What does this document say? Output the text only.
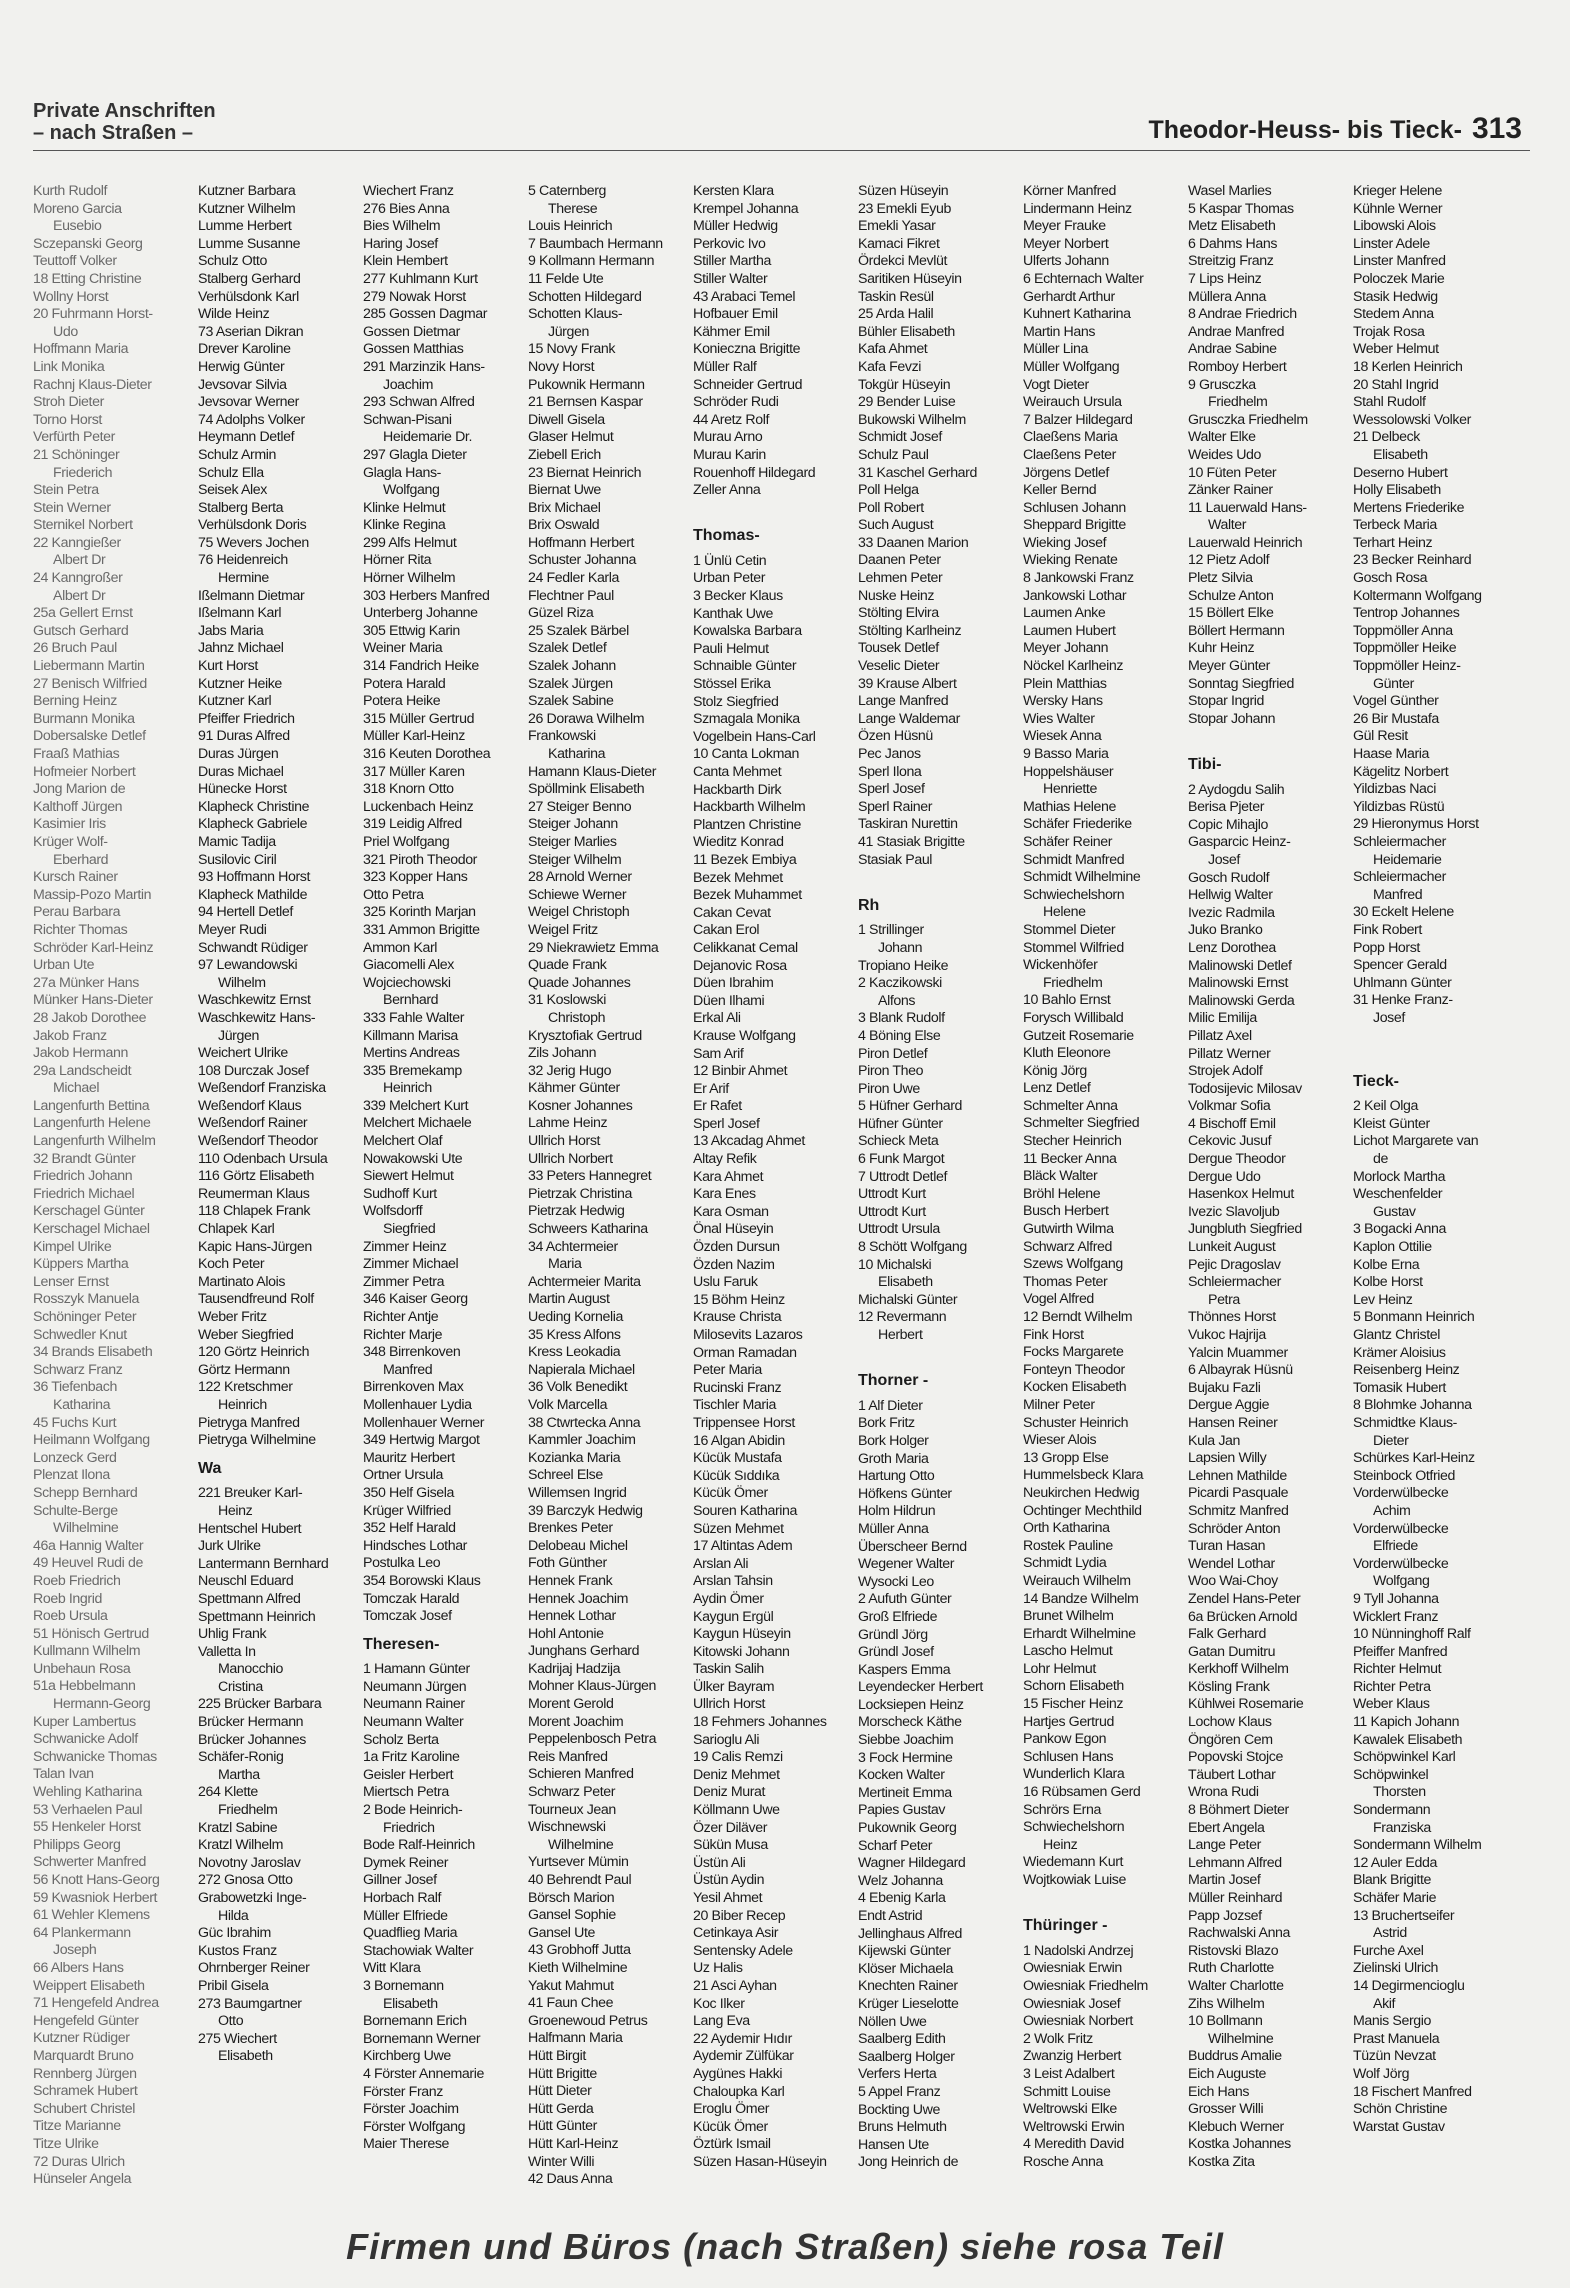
Private Anschriften
– nach Straßen –	Theodor-Heuss- bis Tieck- 313
Kurth Rudolf
Moreno Garcia
Eusebio
Sczepanski Georg
Teuttoff Volker
18 Etting Christine
Wollny Horst
20 Fuhrmann Horst-
Udo
Hoffmann Maria
Link Monika
Rachnj Klaus-Dieter
Stroh Dieter
Torno Horst
Verfürth Peter
21 Schöninger
Friederich
Stein Petra
Stein Werner
Sternikel Norbert
22 Kanngießer
Albert Dr
24 Kanngroßer
Albert Dr
25a Gellert Ernst
Gutsch Gerhard
26 Bruch Paul
Liebermann Martin
27 Benisch Wilfried
Berning Heinz
Burmann Monika
Dobersalske Detlef
Fraaß Mathias
Hofmeier Norbert
Jong Marion de
Kalthoff Jürgen
Kasimier Iris
Krüger Wolf-
Eberhard
Kursch Rainer
Massip-Pozo Martin
Perau Barbara
Richter Thomas
Schröder Karl-Heinz
Urban Ute
27a Münker Hans
Münker Hans-Dieter
28 Jakob Dorothee
Jakob Franz
Jakob Hermann
29a Landscheidt
Michael
Langenfurth Bettina
Langenfurth Helene
Langenfurth Wilhelm
32 Brandt Günter
Friedrich Johann
Friedrich Michael
Kerschagel Günter
Kerschagel Michael
Kimpel Ulrike
Küppers Martha
Lenser Ernst
Rosszyk Manuela
Schöninger Peter
Schwedler Knut
34 Brands Elisabeth
Schwarz Franz
36 Tiefenbach
Katharina
45 Fuchs Kurt
Heilmann Wolfgang
Lonzeck Gerd
Plenzat Ilona
Schepp Bernhard
Schulte-Berge
Wilhelmine
46a Hannig Walter
49 Heuvel Rudi de
Roeb Friedrich
Roeb Ingrid
Roeb Ursula
51 Hönisch Gertrud
Kullmann Wilhelm
Unbehaun Rosa
51a Hebbelmann
Hermann-Georg
Kuper Lambertus
Schwanicke Adolf
Schwanicke Thomas
Talan Ivan
Wehling Katharina
53 Verhaelen Paul
55 Henkeler Horst
Philipps Georg
Schwerter Manfred
56 Knott Hans-Georg
59 Kwasniok Herbert
61 Wehler Klemens
64 Plankermann
Joseph
66 Albers Hans
Weippert Elisabeth
71 Hengefeld Andrea
Hengefeld Günter
Kutzner Rüdiger
Marquardt Bruno
Rennberg Jürgen
Schramek Hubert
Schubert Christel
Titze Marianne
Titze Ulrike
72 Duras Ulrich
Hünseler Angela
Kutzner Barbara
Kutzner Wilhelm
Lumme Herbert
Lumme Susanne
Schulz Otto
Stalberg Gerhard
Verhülsdonk Karl
Wilde Heinz
73 Aserian Dikran
Drever Karoline
Herwig Günter
Jevsovar Silvia
Jevsovar Werner
74 Adolphs Volker
Heymann Detlef
Schulz Armin
Schulz Ella
Seisek Alex
Stalberg Berta
Verhülsdonk Doris
75 Wevers Jochen
76 Heidenreich
Hermine
Ißelmann Dietmar
Ißelmann Karl
Jabs Maria
Jahnz Michael
Kurt Horst
Kutzner Heike
Kutzner Karl
Pfeiffer Friedrich
91 Duras Alfred
Duras Jürgen
Duras Michael
Hünecke Horst
Klapheck Christine
Klapheck Gabriele
Mamic Tadija
Susilovic Ciril
93 Hoffmann Horst
Klapheck Mathilde
94 Hertell Detlef
Meyer Rudi
Schwandt Rüdiger
97 Lewandowski
Wilhelm
Waschkewitz Ernst
Waschkewitz Hans-
Jürgen
Weichert Ulrike
108 Durczak Josef
Weßendorf Franziska
Weßendorf Klaus
Weßendorf Rainer
Weßendorf Theodor
110 Odenbach Ursula
116 Görtz Elisabeth
Reumerman Klaus
118 Chlapek Frank
Chlapek Karl
Kapic Hans-Jürgen
Koch Peter
Martinato Alois
Tausendfreund Rolf
Weber Fritz
Weber Siegfried
120 Görtz Heinrich
Görtz Hermann
122 Kretschmer
Heinrich
Pietryga Manfred
Pietryga Wilhelmine
Wa
221 Breuker Karl-
Heinz
Hentschel Hubert
Jurk Ulrike
Lantermann Bernhard
Neuschl Eduard
Spettmann Alfred
Spettmann Heinrich
Uhlig Frank
Valletta In
Manocchio
Cristina
225 Brücker Barbara
Brücker Hermann
Brücker Johannes
Schäfer-Ronig
Martha
264 Klette
Friedhelm
Kratzl Sabine
Kratzl Wilhelm
Novotny Jaroslav
272 Gnosa Otto
Grabowetzki Inge-
Hilda
Güc Ibrahim
Kustos Franz
Ohrnberger Reiner
Pribil Gisela
273 Baumgartner
Otto
275 Wiechert
Elisabeth
Wiechert Franz
276 Bies Anna
Bies Wilhelm
Haring Josef
Klein Hembert
277 Kuhlmann Kurt
279 Nowak Horst
285 Gossen Dagmar
Gossen Dietmar
Gossen Matthias
291 Marzinzik Hans-
Joachim
293 Schwan Alfred
Schwan-Pisani
Heidemarie Dr.
297 Glagla Dieter
Glagla Hans-
Wolfgang
Klinke Helmut
Klinke Regina
299 Alfs Helmut
Hörner Rita
Hörner Wilhelm
303 Herbers Manfred
Unterberg Johanne
305 Ettwig Karin
Weiner Maria
314 Fandrich Heike
Potera Harald
Potera Heike
315 Müller Gertrud
Müller Karl-Heinz
316 Keuten Dorothea
317 Müller Karen
318 Knorn Otto
Luckenbach Heinz
319 Leidig Alfred
Priel Wolfgang
321 Piroth Theodor
323 Kopper Hans
Otto Petra
325 Korinth Marjan
331 Ammon Brigitte
Ammon Karl
Giacomelli Alex
Wojciechowski
Bernhard
333 Fahle Walter
Killmann Marisa
Mertins Andreas
335 Bremekamp
Heinrich
339 Melchert Kurt
Melchert Michaele
Melchert Olaf
Nowakowski Ute
Siewert Helmut
Sudhoff Kurt
Wolfsdorff
Siegfried
Zimmer Heinz
Zimmer Michael
Zimmer Petra
346 Kaiser Georg
Richter Antje
Richter Marje
348 Birrenkoven
Manfred
Birrenkoven Max
Mollenhauer Lydia
Mollenhauer Werner
349 Hertwig Margot
Mauritz Herbert
Ortner Ursula
350 Helf Gisela
Krüger Wilfried
352 Helf Harald
Hindsches Lothar
Postulka Leo
354 Borowski Klaus
Tomczak Harald
Tomczak Josef
Theresen-
1 Hamann Günter
Neumann Jürgen
Neumann Rainer
Neumann Walter
Scholz Berta
1a Fritz Karoline
Geisler Herbert
Miertsch Petra
2 Bode Heinrich-
Friedrich
Bode Ralf-Heinrich
Dymek Reiner
Gillner Josef
Horbach Ralf
Müller Elfriede
Quadflieg Maria
Stachowiak Walter
Witt Klara
3 Bornemann
Elisabeth
Bornemann Erich
Bornemann Werner
Kirchberg Uwe
4 Förster Annemarie
Förster Franz
Förster Joachim
Förster Wolfgang
Maier Therese
5 Caternberg
Therese
Louis Heinrich
7 Baumbach Hermann
9 Kollmann Hermann
11 Felde Ute
Schotten Hildegard
Schotten Klaus-
Jürgen
15 Novy Frank
Novy Horst
Pukownik Hermann
21 Bernsen Kaspar
Diwell Gisela
Glaser Helmut
Ziebell Erich
23 Biernat Heinrich
Biernat Uwe
Brix Michael
Brix Oswald
Hoffmann Herbert
Schuster Johanna
24 Fedler Karla
Flechtner Paul
Güzel Riza
25 Szalek Bärbel
Szalek Detlef
Szalek Johann
Szalek Jürgen
Szalek Sabine
26 Dorawa Wilhelm
Frankowski
Katharina
Hamann Klaus-Dieter
Spöllmink Elisabeth
27 Steiger Benno
Steiger Johann
Steiger Marlies
Steiger Wilhelm
28 Arnold Werner
Schiewe Werner
Weigel Christoph
Weigel Fritz
29 Niekrawietz Emma
Quade Frank
Quade Johannes
31 Koslowski
Christoph
Krysztofiak Gertrud
Zils Johann
32 Jerig Hugo
Kähmer Günter
Kosner Johannes
Lahme Heinz
Ullrich Horst
Ullrich Norbert
33 Peters Hannegret
Pietrzak Christina
Pietrzak Hedwig
Schweers Katharina
34 Achtermeier
Maria
Achtermeier Marita
Martin August
Ueding Kornelia
35 Kress Alfons
Kress Leokadia
Napierala Michael
36 Volk Benedikt
Volk Marcella
38 Ctwrtecka Anna
Kammler Joachim
Kozianka Maria
Schreel Else
Willemsen Ingrid
39 Barczyk Hedwig
Brenkes Peter
Delobeau Michel
Foth Günther
Hennek Frank
Hennek Joachim
Hennek Lothar
Hohl Antonie
Junghans Gerhard
Kadrijaj Hadzija
Mohner Klaus-Jürgen
Morent Gerold
Morent Joachim
Peppelenbosch Petra
Reis Manfred
Schieren Manfred
Schwarz Peter
Tourneux Jean
Wischnewski
Wilhelmine
Yurtsever Mümin
40 Behrendt Paul
Börsch Marion
Gansel Sophie
Gansel Ute
43 Grobhoff Jutta
Kieth Wilhelmine
Yakut Mahmut
41 Faun Chee
Groenewoud Petrus
Halfmann Maria
Hütt Birgit
Hütt Brigitte
Hütt Dieter
Hütt Gerda
Hütt Günter
Hütt Karl-Heinz
Winter Willi
42 Daus Anna
Kersten Klara
Krempel Johanna
Müller Hedwig
Perkovic Ivo
Stiller Martha
Stiller Walter
43 Arabaci Temel
Hofbauer Emil
Kähmer Emil
Konieczna Brigitte
Müller Ralf
Schneider Gertrud
Schröder Rudi
44 Aretz Rolf
Murau Arno
Murau Karin
Rouenhoff Hildegard
Zeller Anna

Thomas-
1 Ünlü Cetin
Urban Peter
3 Becker Klaus
Kanthak Uwe
Kowalska Barbara
Pauli Helmut
Schnaible Günter
Stössel Erika
Stolz Siegfried
Szmagala Monika
Vogelbein Hans-Carl
10 Canta Lokman
Canta Mehmet
Hackbarth Dirk
Hackbarth Wilhelm
Plantzen Christine
Wieditz Konrad
11 Bezek Embiya
Bezek Mehmet
Bezek Muhammet
Cakan Cevat
Cakan Erol
Celikkanat Cemal
Dejanovic Rosa
Düen Ibrahim
Düen Ilhami
Erkal Ali
Krause Wolfgang
Sam Arif
12 Binbir Ahmet
Er Arif
Er Rafet
Sperl Josef
13 Akcadag Ahmet
Altay Refik
Kara Ahmet
Kara Enes
Kara Osman
Önal Hüseyin
Özden Dursun
Özden Nazim
Uslu Faruk
15 Böhm Heinz
Krause Christa
Milosevits Lazaros
Orman Ramadan
Peter Maria
Rucinski Franz
Tischler Maria
Trippensee Horst
16 Algan Abidin
Kücük Mustafa
Kücük Sıddıka
Kücük Ömer
Souren Katharina
Süzen Mehmet
17 Altintas Adem
Arslan Ali
Arslan Tahsin
Aydin Ömer
Kaygun Ergül
Kaygun Hüseyin
Kitowski Johann
Taskin Salih
Ülker Bayram
Ullrich Horst
18 Fehmers Johannes
Sarioglu Ali
19 Calis Remzi
Deniz Mehmet
Deniz Murat
Köllmann Uwe
Özer Diläver
Sükün Musa
Üstün Ali
Üstün Aydin
Yesil Ahmet
20 Biber Recep
Cetinkaya Asir
Sentensky Adele
Uz Halis
21 Asci Ayhan
Koc Ilker
Lang Eva
22 Aydemir Hıdır
Aydemir Zülfükar
Aygünes Hakki
Chaloupka Karl
Eroglu Ömer
Kücük Ömer
Öztürk Ismail
Süzen Hasan-Hüseyin
Süzen Hüseyin
23 Emekli Eyub
Emekli Yasar
Kamaci Fikret
Ördekci Mevlüt
Saritiken Hüseyin
Taskin Resül
25 Arda Halil
Bühler Elisabeth
Kafa Ahmet
Kafa Fevzi
Tokgür Hüseyin
29 Bender Luise
Bukowski Wilhelm
Schmidt Josef
Schulz Paul
31 Kaschel Gerhard
Poll Helga
Poll Robert
Such August
33 Daanen Marion
Daanen Peter
Lehmen Peter
Nuske Heinz
Stölting Elvira
Stölting Karlheinz
Tousek Detlef
Veselic Dieter
39 Krause Albert
Lange Manfred
Lange Waldemar
Özen Hüsnü
Pec Janos
Sperl Ilona
Sperl Josef
Sperl Rainer
Taskiran Nurettin
41 Stasiak Brigitte
Stasiak Paul

Rh
1 Strillinger
Johann
Tropiano Heike
2 Kaczikowski
Alfons
3 Blank Rudolf
4 Böning Else
Piron Detlef
Piron Theo
Piron Uwe
5 Hüfner Gerhard
Hüfner Günter
Schieck Meta
6 Funk Margot
7 Uttrodt Detlef
Uttrodt Kurt
Uttrodt Kurt
Uttrodt Ursula
8 Schött Wolfgang
10 Michalski
Elisabeth
Michalski Günter
12 Revermann
Herbert

Thorner -
1 Alf Dieter
Bork Fritz
Bork Holger
Groth Maria
Hartung Otto
Höfkens Günter
Holm Hildrun
Müller Anna
Überscheer Bernd
Wegener Walter
Wysocki Leo
2 Aufuth Günter
Groß Elfriede
Gründl Jörg
Gründl Josef
Kaspers Emma
Leyendecker Herbert
Locksiepen Heinz
Morscheck Käthe
Siebbe Joachim
3 Fock Hermine
Kocken Walter
Mertineit Emma
Papies Gustav
Pukownik Georg
Scharf Peter
Wagner Hildegard
Welz Johanna
4 Ebenig Karla
Endt Astrid
Jellinghaus Alfred
Kijewski Günter
Klöser Michaela
Knechten Rainer
Krüger Lieselotte
Nöllen Uwe
Saalberg Edith
Saalberg Holger
Verfers Herta
5 Appel Franz
Bockting Uwe
Bruns Helmuth
Hansen Ute
Jong Heinrich de
Körner Manfred
Lindermann Heinz
Meyer Frauke
Meyer Norbert
Ulferts Johann
6 Echternach Walter
Gerhardt Arthur
Kuhnert Katharina
Martin Hans
Müller Lina
Müller Wolfgang
Vogt Dieter
Weirauch Ursula
7 Balzer Hildegard
Claeßens Maria
Claeßens Peter
Jörgens Detlef
Keller Bernd
Schlusen Johann
Sheppard Brigitte
Wieking Josef
Wieking Renate
8 Jankowski Franz
Jankowski Lothar
Laumen Anke
Laumen Hubert
Meyer Johann
Nöckel Karlheinz
Plein Matthias
Wersky Hans
Wies Walter
Wiesek Anna
9 Basso Maria
Hoppelshäuser
Henriette
Mathias Helene
Schäfer Friederike
Schäfer Reiner
Schmidt Manfred
Schmidt Wilhelmine
Schwiechelshorn
Helene
Stommel Dieter
Stommel Wilfried
Wickenhöfer
Friedhelm
10 Bahlo Ernst
Forysch Willibald
Gutzeit Rosemarie
Kluth Eleonore
König Jörg
Lenz Detlef
Schmelter Anna
Schmelter Siegfried
Stecher Heinrich
11 Becker Anna
Bläck Walter
Bröhl Helene
Busch Herbert
Gutwirth Wilma
Schwarz Alfred
Szews Wolfgang
Thomas Peter
Vogel Alfred
12 Berndt Wilhelm
Fink Horst
Focks Margarete
Fonteyn Theodor
Kocken Elisabeth
Milner Peter
Schuster Heinrich
Wieser Alois
13 Gropp Else
Hummelsbeck Klara
Neukirchen Hedwig
Ochtinger Mechthild
Orth Katharina
Rostek Pauline
Schmidt Lydia
Weirauch Wilhelm
14 Bandze Wilhelm
Brunet Wilhelm
Erhardt Wilhelmine
Lascho Helmut
Lohr Helmut
Schorn Elisabeth
15 Fischer Heinz
Hartjes Gertrud
Pankow Egon
Schlusen Hans
Wunderlich Klara
16 Rübsamen Gerd
Schrörs Erna
Schwiechelshorn
Heinz
Wiedemann Kurt
Wojtkowiak Luise

Thüringer -
1 Nadolski Andrzej
Owiesniak Erwin
Owiesniak Friedhelm
Owiesniak Josef
Owiesniak Norbert
2 Wolk Fritz
Zwanzig Herbert
3 Leist Adalbert
Schmitt Louise
Weltrowski Elke
Weltrowski Erwin
4 Meredith David
Rosche Anna
Wasel Marlies
5 Kaspar Thomas
Metz Elisabeth
6 Dahms Hans
Streitzig Franz
7 Lips Heinz
Müllera Anna
8 Andrae Friedrich
Andrae Manfred
Andrae Sabine
Romboy Herbert
9 Grusczka
Friedhelm
Grusczka Friedhelm
Walter Elke
Weides Udo
10 Füten Peter
Zänker Rainer
11 Lauerwald Hans-
Walter
Lauerwald Heinrich
12 Pietz Adolf
Pletz Silvia
Schulze Anton
15 Böllert Elke
Böllert Hermann
Kuhr Heinz
Meyer Günter
Sonntag Siegfried
Stopar Ingrid
Stopar Johann

Tibi-
2 Aydogdu Salih
Berisa Pjeter
Copic Mihajlo
Gasparcic Heinz-
Josef
Gosch Rudolf
Hellwig Walter
Ivezic Radmila
Juko Branko
Lenz Dorothea
Malinowski Detlef
Malinowski Ernst
Malinowski Gerda
Milic Emilija
Pillatz Axel
Pillatz Werner
Strojek Adolf
Todosijevic Milosav
Volkmar Sofia
4 Bischoff Emil
Cekovic Jusuf
Dergue Theodor
Dergue Udo
Hasenkox Helmut
Ivezic Slavoljub
Jungbluth Siegfried
Lunkeit August
Pejic Dragoslav
Schleiermacher
Petra
Thönnes Horst
Vukoc Hajrija
Yalcin Muammer
6 Albayrak Hüsnü
Bujaku Fazli
Dergue Aggie
Hansen Reiner
Kula Jan
Lapsien Willy
Lehnen Mathilde
Picardi Pasquale
Schmitz Manfred
Schröder Anton
Turan Hasan
Wendel Lothar
Woo Wai-Choy
Zendel Hans-Peter
6a Brücken Arnold
Falk Gerhard
Gatan Dumitru
Kerkhoff Wilhelm
Kösling Frank
Kühlwei Rosemarie
Lochow Klaus
Öngören Cem
Popovski Stojce
Täubert Lothar
Wrona Rudi
8 Böhmert Dieter
Ebert Angela
Lange Peter
Lehmann Alfred
Martin Josef
Müller Reinhard
Papp Jozsef
Rachwalski Anna
Ristovski Blazo
Ruth Charlotte
Walter Charlotte
Zihs Wilhelm
10 Bollmann
Wilhelmine
Buddrus Amalie
Eich Auguste
Eich Hans
Grosser Willi
Klebuch Werner
Kostka Johannes
Kostka Zita
Krieger Helene
Kühnle Werner
Libowski Alois
Linster Adele
Linster Manfred
Poloczek Marie
Stasik Hedwig
Stedem Anna
Trojak Rosa
Weber Helmut
18 Kerlen Heinrich
20 Stahl Ingrid
Stahl Rudolf
Wessolowski Volker
21 Delbeck
Elisabeth
Deserno Hubert
Holly Elisabeth
Mertens Friederike
Terbeck Maria
Terhart Heinz
23 Becker Reinhard
Gosch Rosa
Koltermann Wolfgang
Tentrop Johannes
Toppmöller Anna
Toppmöller Heike
Toppmöller Heinz-
Günter
Vogel Günther
26 Bir Mustafa
Gül Resit
Haase Maria
Kägelitz Norbert
Yildizbas Naci
Yildizbas Rüstü
29 Hieronymus Horst
Schleiermacher
Heidemarie
Schleiermacher
Manfred
30 Eckelt Helene
Fink Robert
Popp Horst
Spencer Gerald
Uhlmann Günter
31 Henke Franz-
Josef

Tieck-
2 Keil Olga
Kleist Günter
Lichot Margarete van
de
Morlock Martha
Weschenfelder
Gustav
3 Bogacki Anna
Kaplon Ottilie
Kolbe Erna
Kolbe Horst
Lev Heinz
5 Bonmann Heinrich
Glantz Christel
Krämer Aloisius
Reisenberg Heinz
Tomasik Hubert
8 Blohmke Johanna
Schmidtke Klaus-
Dieter
Schürkes Karl-Heinz
Steinbock Otfried
Vorderwülbecke
Achim
Vorderwülbecke
Elfriede
Vorderwülbecke
Wolfgang
9 Tyll Johanna
Wicklert Franz
10 Nünninghoff Ralf
Pfeiffer Manfred
Richter Helmut
Richter Petra
Weber Klaus
11 Kapich Johann
Kawalek Elisabeth
Schöpwinkel Karl
Schöpwinkel
Thorsten
Sondermann
Franziska
Sondermann Wilhelm
12 Auler Edda
Blank Brigitte
Schäfer Marie
13 Bruchertseifer
Astrid
Furche Axel
Zielinski Ulrich
14 Degirmencioglu
Akif
Manis Sergio
Prast Manuela
Tüzün Nevzat
Wolf Jörg
18 Fischert Manfred
Schön Christine
Warstat Gustav
Firmen und Büros (nach Straßen) siehe rosa Teil
